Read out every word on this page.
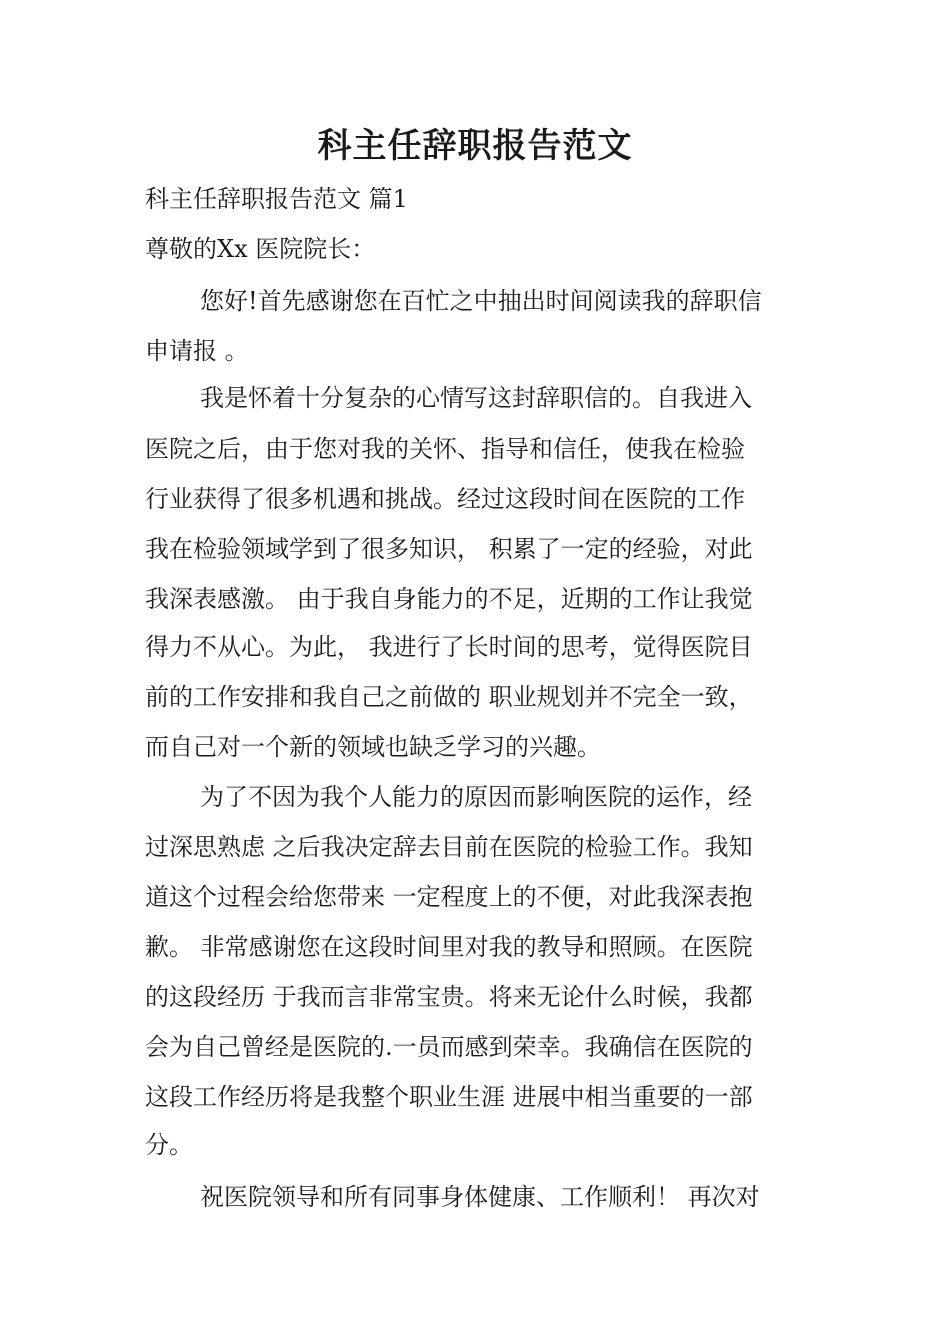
科主任辞职报告范文

科主任辞职报告范文 篇1

尊敬的Xx 医院院长：

您好!首先感谢您在百忙之中抽出时间阅读我的辞职信

申请报 。

我是怀着十分复杂的心情写这封辞职信的。自我进入

医院之后，由于您对我的关怀、指导和信任，使我在检验

行业获得了很多机遇和挑战。经过这段时间在医院的工作

我在检验领域学到了很多知识， 积累了一定的经验，对此

我深表感激。 由于我自身能力的不足，近期的工作让我觉

得力不从心。为此， 我进行了长时间的思考，觉得医院目

前的工作安排和我自己之前做的 职业规划并不完全一致，

而自己对一个新的领域也缺乏学习的兴趣。

为了不因为我个人能力的原因而影响医院的运作，经

过深思熟虑 之后我决定辞去目前在医院的检验工作。我知

道这个过程会给您带来 一定程度上的不便，对此我深表抱

歉。 非常感谢您在这段时间里对我的教导和照顾。在医院

的这段经历 于我而言非常宝贵。将来无论什么时候，我都

会为自己曾经是医院的.一员而感到荣幸。我确信在医院的

这段工作经历将是我整个职业生涯 进展中相当重要的一部

分。

祝医院领导和所有同事身体健康、工作顺利！ 再次对
